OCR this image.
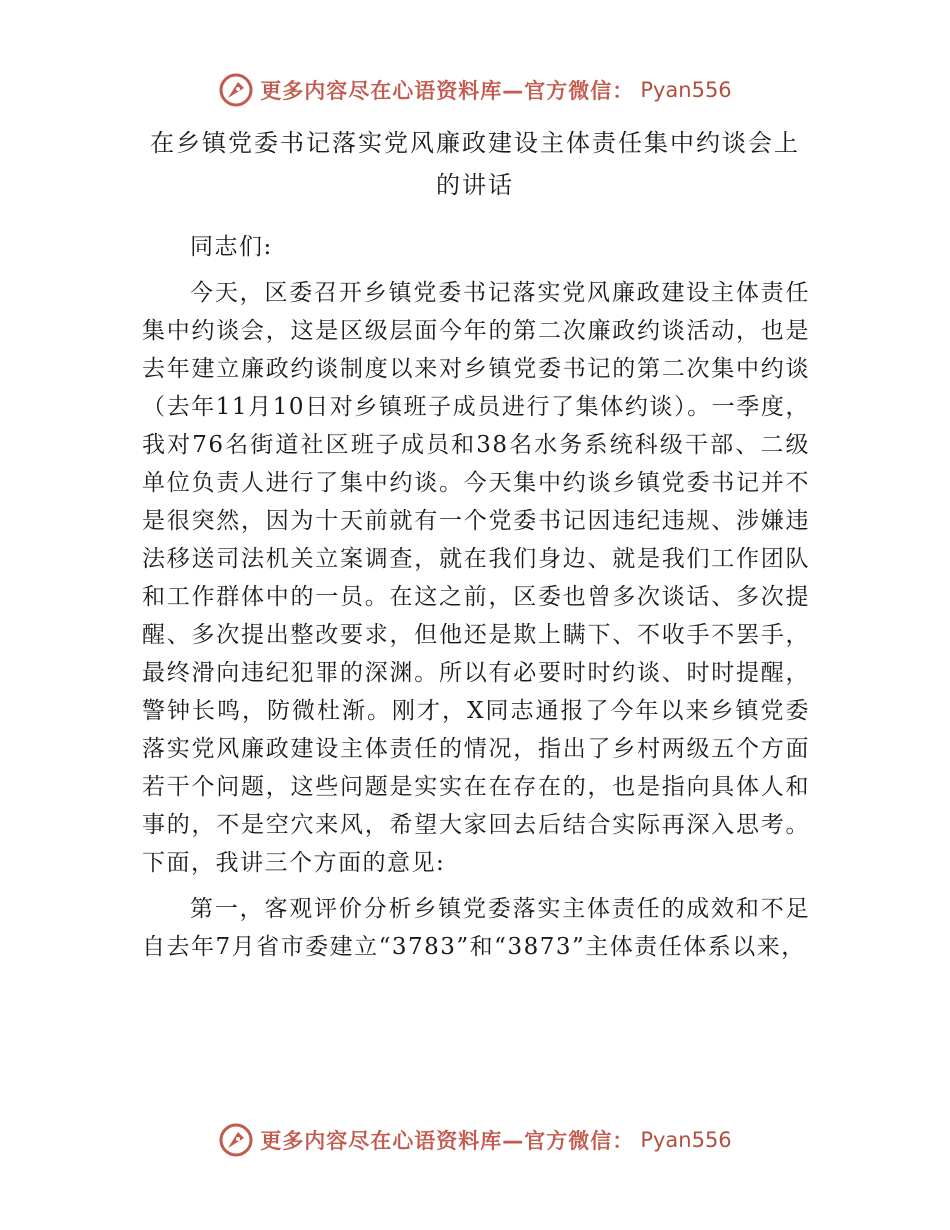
更多内容尽在心语资料库—官方微信： Pyan556
在乡镇党委书记落实党风廉政建设主体责任集中约谈会上的讲话

同志们:

今天，区委召开乡镇党委书记落实党风廉政建设主体责任集中约谈会，这是区级层面今年的第二次廉政约谈活动，也是去年建立廉政约谈制度以来对乡镇党委书记的第二次集中约谈（去年11月10日对乡镇班子成员进行了集体约谈）。一季度，我对76名街道社区班子成员和38名水务系统科级干部、二级单位负责人进行了集中约谈。今天集中约谈乡镇党委书记并不是很突然，因为十天前就有一个党委书记因违纪违规、涉嫌违法移送司法机关立案调查，就在我们身边、就是我们工作团队和工作群体中的一员。在这之前，区委也曾多次谈话、多次提醒、多次提出整改要求，但他还是欺上瞒下、不收手不罢手，最终滑向违纪犯罪的深渊。所以有必要时时约谈、时时提醒，警钟长鸣，防微杜渐。刚才，X同志通报了今年以来乡镇党委落实党风廉政建设主体责任的情况，指出了乡村两级五个方面若干个问题，这些问题是实实在在存在的，也是指向具体人和事的，不是空穴来风，希望大家回去后结合实际再深入思考。下面，我讲三个方面的意见:

第一，客观评价分析乡镇党委落实主体责任的成效和不足自去年7月省市委建立“3783”和“3873”主体责任体系以来，

更多内容尽在心语资料库—官方微信： Pyan556
